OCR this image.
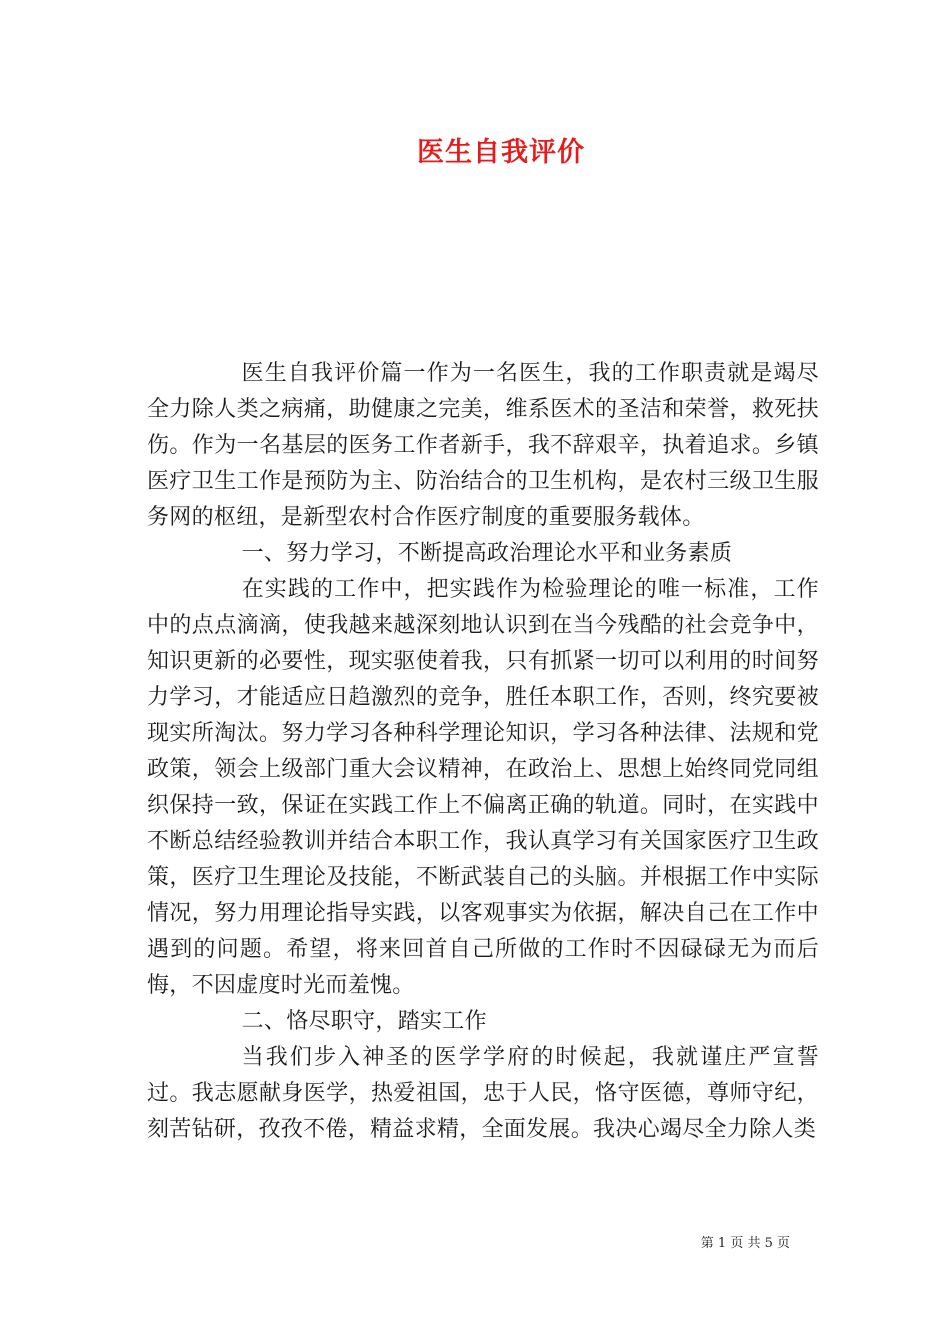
医生自我评价

医生自我评价篇一作为一名医生，我的工作职责就是竭尽全力除人类之病痛，助健康之完美，维系医术的圣洁和荣誉，救死扶伤。作为一名基层的医务工作者新手，我不辞艰辛，执着追求。乡镇医疗卫生工作是预防为主、防治结合的卫生机构，是农村三级卫生服务网的枢纽，是新型农村合作医疗制度的重要服务载体。

一、努力学习，不断提高政治理论水平和业务素质

在实践的工作中，把实践作为检验理论的唯一标准，工作中的点点滴滴，使我越来越深刻地认识到在当今残酷的社会竞争中，知识更新的必要性，现实驱使着我，只有抓紧一切可以利用的时间努力学习，才能适应日趋激烈的竞争，胜任本职工作，否则，终究要被现实所淘汰。努力学习各种科学理论知识，学习各种法律、法规和党政策，领会上级部门重大会议精神，在政治上、思想上始终同党同组织保持一致，保证在实践工作上不偏离正确的轨道。同时，在实践中不断总结经验教训并结合本职工作，我认真学习有关国家医疗卫生政策，医疗卫生理论及技能，不断武装自己的头脑。并根据工作中实际情况，努力用理论指导实践，以客观事实为依据，解决自己在工作中遇到的问题。希望，将来回首自己所做的工作时不因碌碌无为而后悔，不因虚度时光而羞愧。

二、恪尽职守，踏实工作

当我们步入神圣的医学学府的时候起，我就谨庄严宣誓过。我志愿献身医学，热爱祖国，忠于人民，恪守医德，尊师守纪，刻苦钻研，孜孜不倦，精益求精，全面发展。我决心竭尽全力除人类

第 1 页 共 5 页
